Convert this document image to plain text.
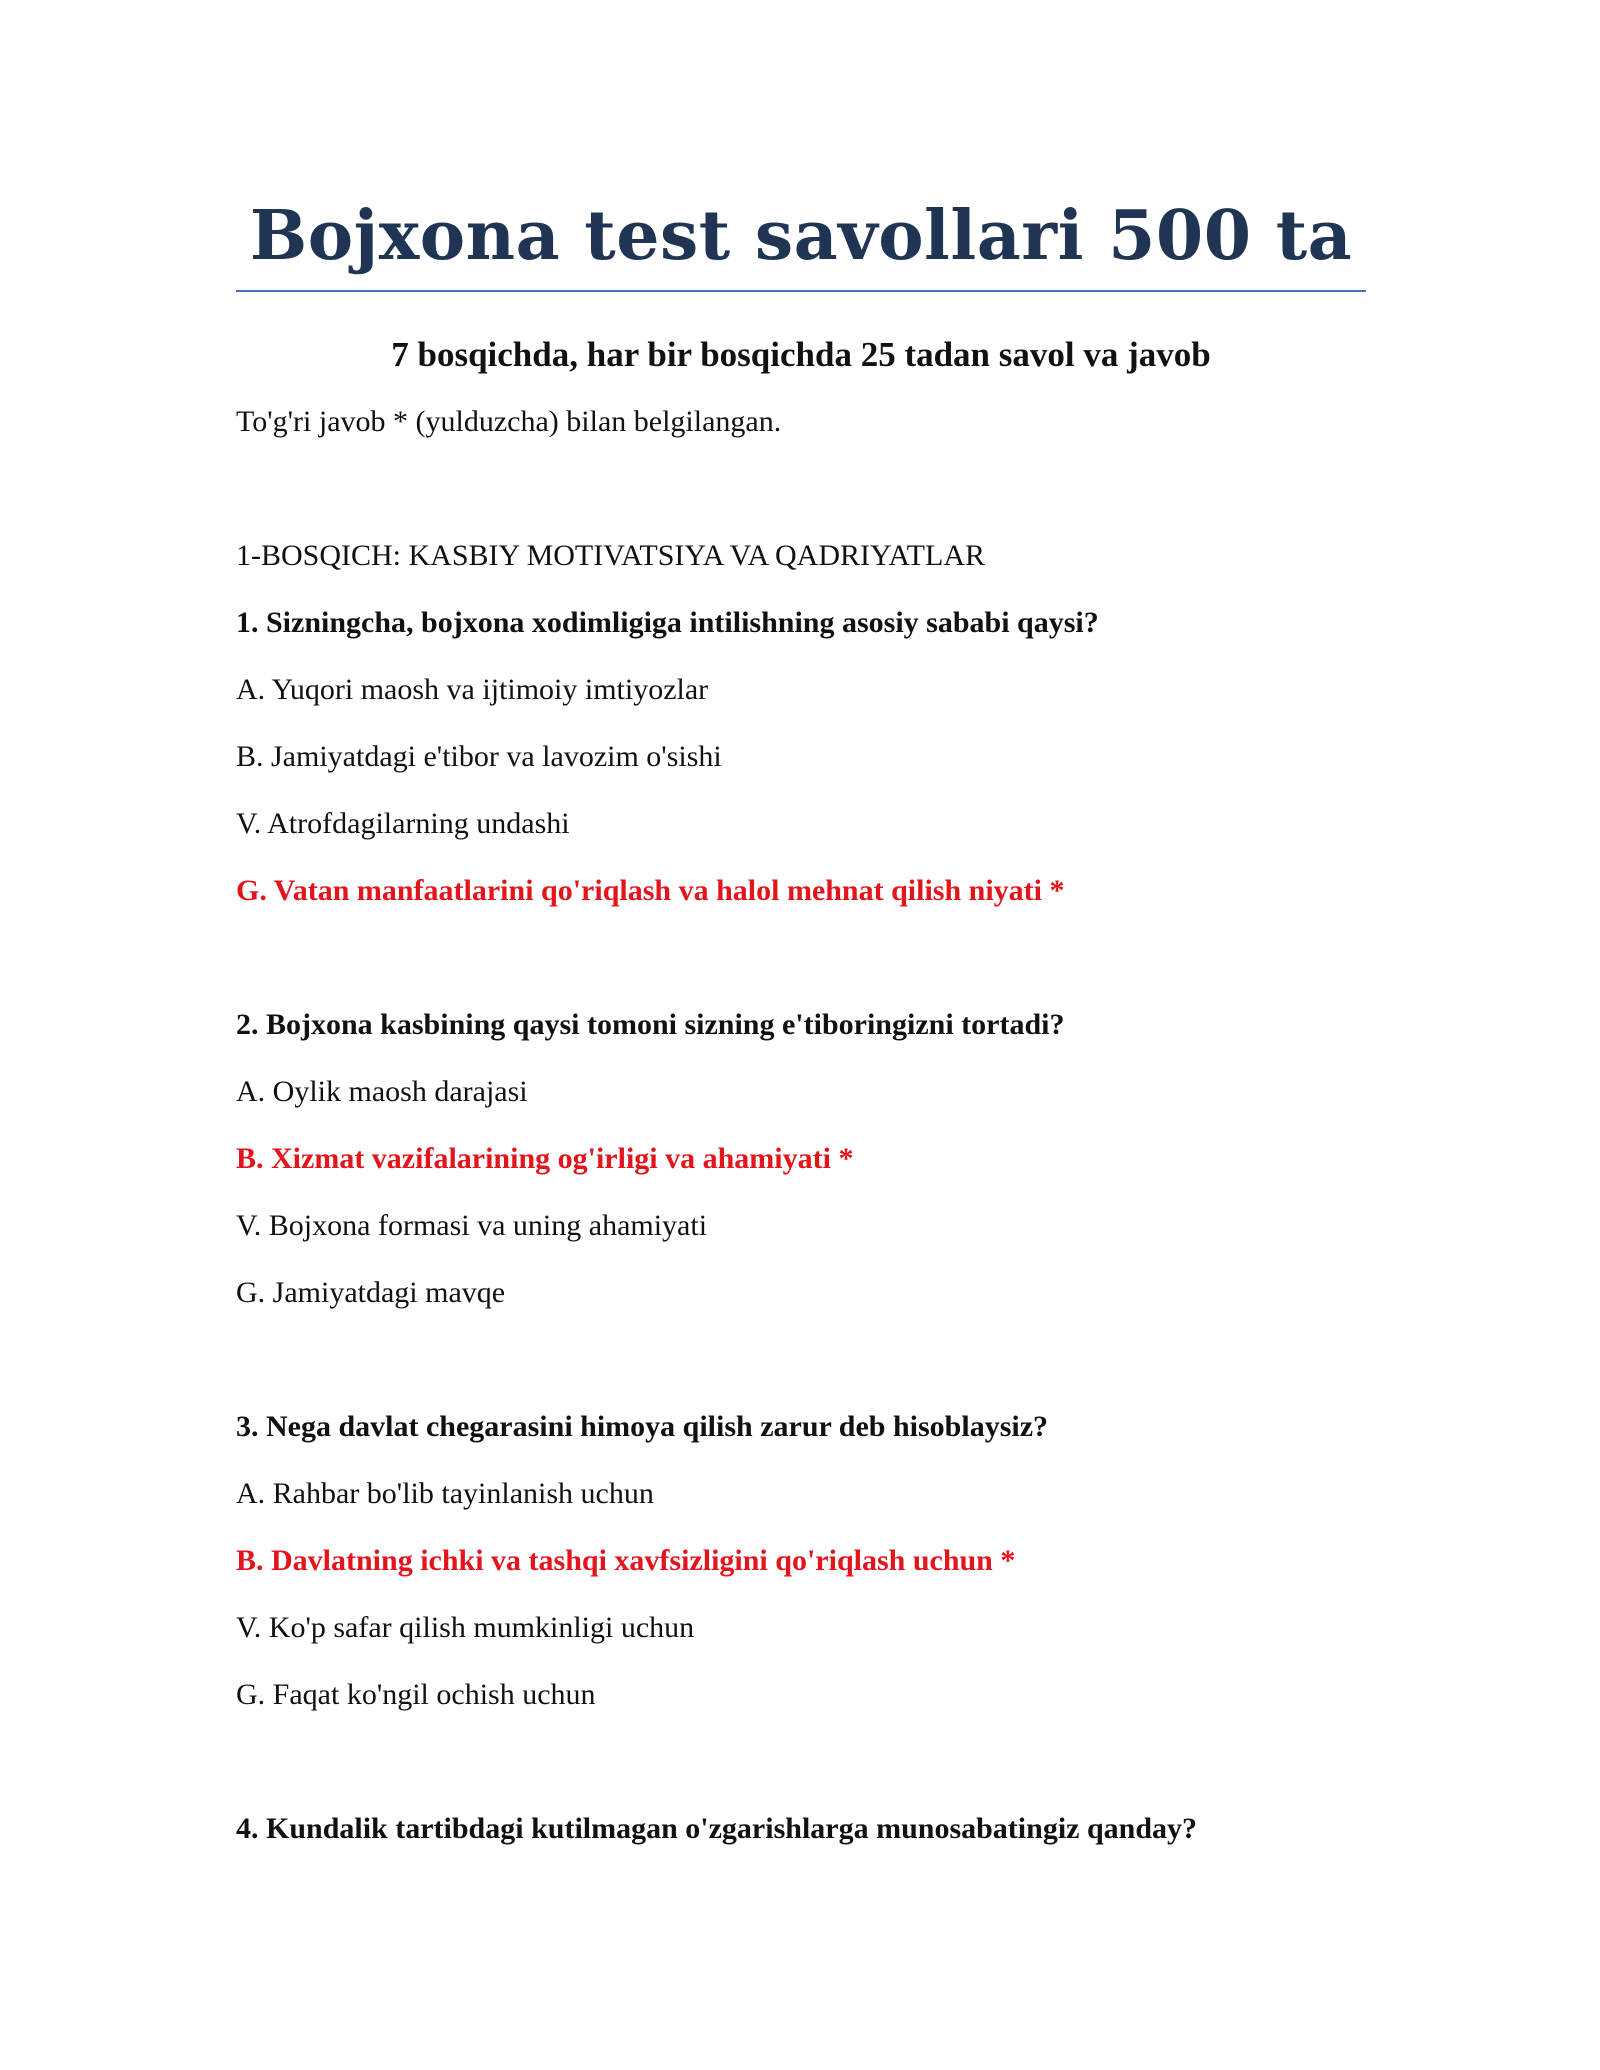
Bojxona test savollari 500 ta
7 bosqichda, har bir bosqichda 25 tadan savol va javob

To'g'ri javob * (yulduzcha) bilan belgilangan.

1-BOSQICH: KASBIY MOTIVATSIYA VA QADRIYATLAR

1. Sizningcha, bojxona xodimligiga intilishning asosiy sababi qaysi?

A. Yuqori maosh va ijtimoiy imtiyozlar

B. Jamiyatdagi e'tibor va lavozim o'sishi

V. Atrofdagilarning undashi

G. Vatan manfaatlarini qo'riqlash va halol mehnat qilish niyati *

2. Bojxona kasbining qaysi tomoni sizning e'tiboringizni tortadi?

A. Oylik maosh darajasi

B. Xizmat vazifalarining og'irligi va ahamiyati *

V. Bojxona formasi va uning ahamiyati

G. Jamiyatdagi mavqe

3. Nega davlat chegarasini himoya qilish zarur deb hisoblaysiz?

A. Rahbar bo'lib tayinlanish uchun

B. Davlatning ichki va tashqi xavfsizligini qo'riqlash uchun *

V. Ko'p safar qilish mumkinligi uchun

G. Faqat ko'ngil ochish uchun

4. Kundalik tartibdagi kutilmagan o'zgarishlarga munosabatingiz qanday?
